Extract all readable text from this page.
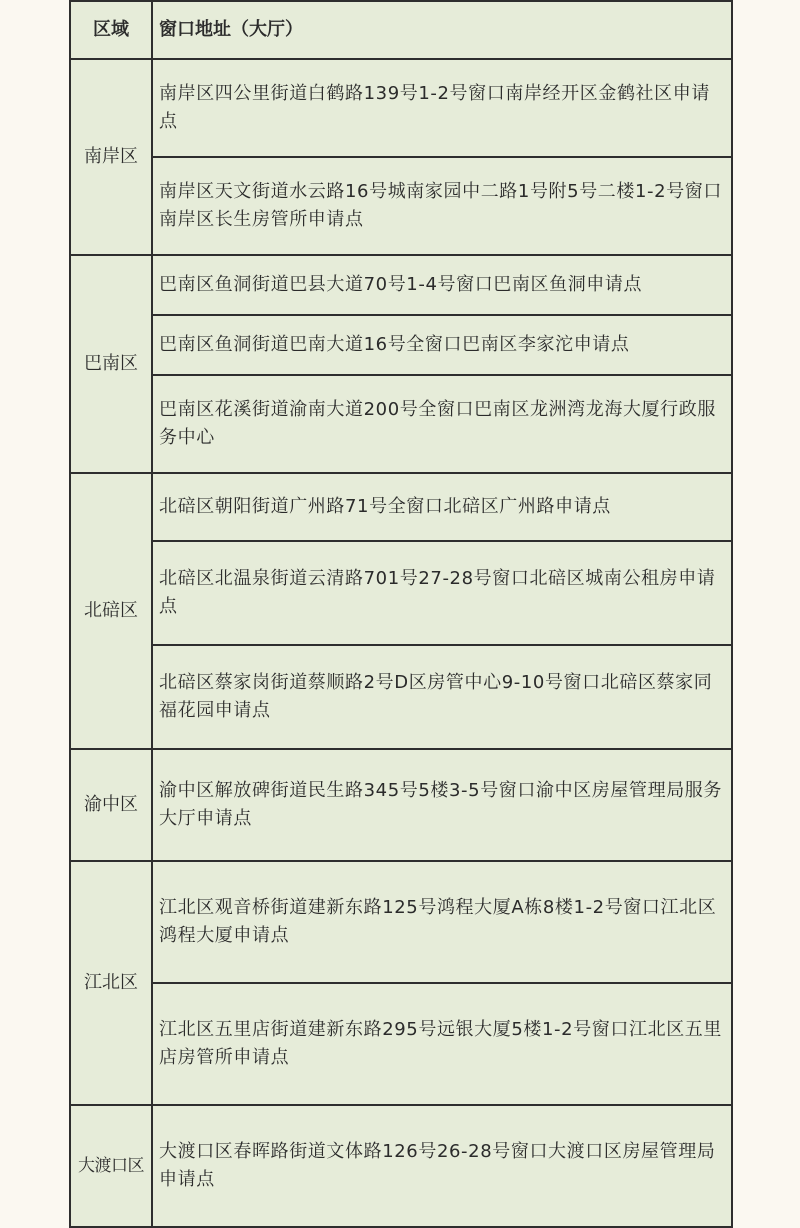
区域	窗口地址（大厅）
南岸区	南岸区四公里街道白鹤路139号1-2号窗口南岸经开区金鹤社区申请点
	南岸区天文街道水云路16号城南家园中二路1号附5号二楼1-2号窗口南岸区长生房管所申请点
巴南区	巴南区鱼洞街道巴县大道70号1-4号窗口巴南区鱼洞申请点
	巴南区鱼洞街道巴南大道16号全窗口巴南区李家沱申请点
	巴南区花溪街道渝南大道200号全窗口巴南区龙洲湾龙海大厦行政服务中心
北碚区	北碚区朝阳街道广州路71号全窗口北碚区广州路申请点
	北碚区北温泉街道云清路701号27-28号窗口北碚区城南公租房申请点
	北碚区蔡家岗街道蔡顺路2号D区房管中心9-10号窗口北碚区蔡家同福花园申请点
渝中区	渝中区解放碑街道民生路345号5楼3-5号窗口渝中区房屋管理局服务大厅申请点
江北区	江北区观音桥街道建新东路125号鸿程大厦A栋8楼1-2号窗口江北区鸿程大厦申请点
	江北区五里店街道建新东路295号远银大厦5楼1-2号窗口江北区五里店房管所申请点
大渡口区	大渡口区春晖路街道文体路126号26-28号窗口大渡口区房屋管理局申请点
